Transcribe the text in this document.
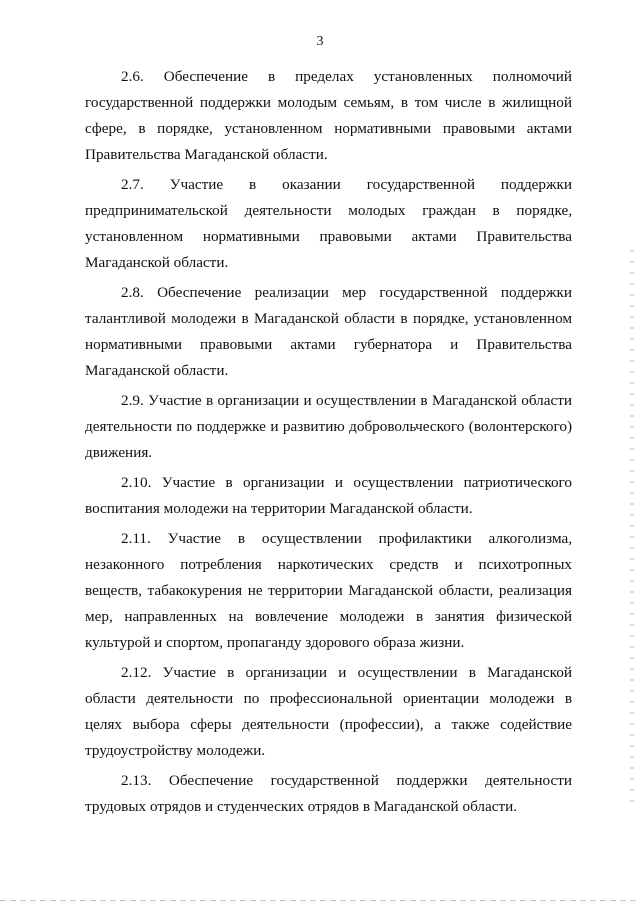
3

2.6. Обеспечение в пределах установленных полномочий государственной поддержки молодым семьям, в том числе в жилищной сфере, в порядке, установленном нормативными правовыми актами Правительства Магаданской области.

2.7. Участие в оказании государственной поддержки предпринимательской деятельности молодых граждан в порядке, установленном нормативными правовыми актами Правительства Магаданской области.

2.8. Обеспечение реализации мер государственной поддержки талантливой молодежи в Магаданской области в порядке, установленном нормативными правовыми актами губернатора и Правительства Магаданской области.

2.9. Участие в организации и осуществлении в Магаданской области деятельности по поддержке и развитию добровольческого (волонтерского) движения.

2.10. Участие в организации и осуществлении патриотического воспитания молодежи на территории Магаданской области.

2.11. Участие в осуществлении профилактики алкоголизма, незаконного потребления наркотических средств и психотропных веществ, табакокурения не территории Магаданской области, реализация мер, направленных на вовлечение молодежи в занятия физической культурой и спортом, пропаганду здорового образа жизни.

2.12. Участие в организации и осуществлении в Магаданской области деятельности по профессиональной ориентации молодежи в целях выбора сферы деятельности (профессии), а также содействие трудоустройству молодежи.

2.13. Обеспечение государственной поддержки деятельности трудовых отрядов и студенческих отрядов в Магаданской области.
